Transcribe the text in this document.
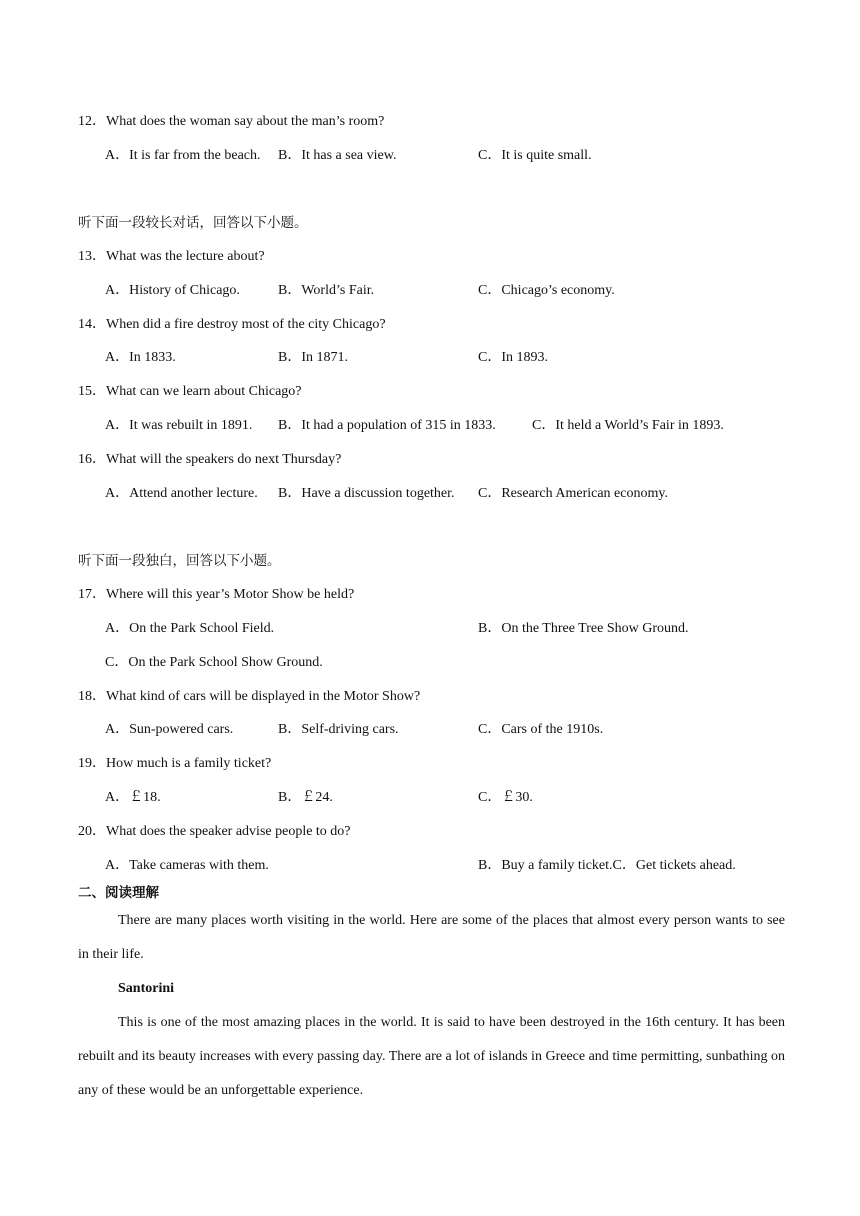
12．What does the woman say about the man’s room?
A．It is far from the beach. B．It has a sea view.	C．It is quite small.
听下面一段较长对话，回答以下小题。
13．What was the lecture about?
A．History of Chicago.	B．World’s Fair.	C．Chicago’s economy.
14．When did a fire destroy most of the city Chicago?
A．In 1833.	B．In 1871.	C．In 1893.
15．What can we learn about Chicago?
A．It was rebuilt in 1891. B．It had a population of 315 in 1833.	C．It held a World’s Fair in 1893.
16．What will the speakers do next Thursday?
A．Attend another lecture. B．Have a discussion together. C．Research American economy.
听下面一段独白，回答以下小题。
17．Where will this year’s Motor Show be held?
A．On the Park School Field.	B．On the Three Tree Show Ground.
C．On the Park School Show Ground.
18．What kind of cars will be displayed in the Motor Show?
A．Sun-powered cars.	B．Self-driving cars.	C．Cars of the 1910s.
19．How much is a family ticket?
A．￡18.	B．￡24.	C．￡30.
20．What does the speaker advise people to do?
A．Take cameras with them.	B．Buy a family ticket.C．Get tickets ahead.
二、阅读理解
There are many places worth visiting in the world. Here are some of the places that almost every person wants to see in their life.
Santorini
This is one of the most amazing places in the world. It is said to have been destroyed in the 16th century. It has been rebuilt and its beauty increases with every passing day. There are a lot of islands in Greece and time permitting, sunbathing on any of these would be an unforgettable experience.
